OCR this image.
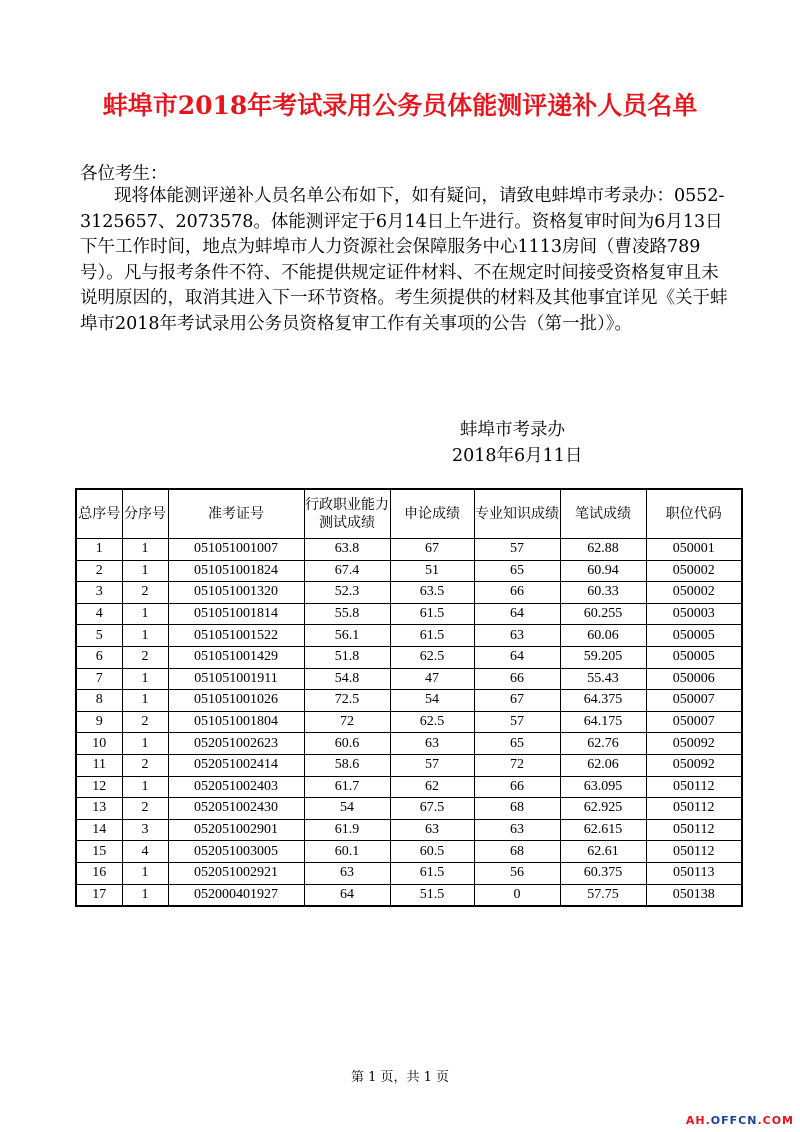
蚌埠市2018年考试录用公务员体能测评递补人员名单
各位考生：
现将体能测评递补人员名单公布如下，如有疑问，请致电蚌埠市考录办：0552-3125657、2073578。体能测评定于6月14日上午进行。资格复审时间为6月13日下午工作时间，地点为蚌埠市人力资源社会保障服务中心1113房间（曹凌路789号）。凡与报考条件不符、不能提供规定证件材料、不在规定时间接受资格复审且未说明原因的，取消其进入下一环节资格。考生须提供的材料及其他事宜详见《关于蚌埠市2018年考试录用公务员资格复审工作有关事项的公告（第一批）》。
蚌埠市考录办
2018年6月11日
总序号	分序号	准考证号	行政职业能力测试成绩	申论成绩	专业知识成绩	笔试成绩	职位代码
1	1	051051001007	63.8	67	57	62.88	050001
2	1	051051001824	67.4	51	65	60.94	050002
3	2	051051001320	52.3	63.5	66	60.33	050002
4	1	051051001814	55.8	61.5	64	60.255	050003
5	1	051051001522	56.1	61.5	63	60.06	050005
6	2	051051001429	51.8	62.5	64	59.205	050005
7	1	051051001911	54.8	47	66	55.43	050006
8	1	051051001026	72.5	54	67	64.375	050007
9	2	051051001804	72	62.5	57	64.175	050007
10	1	052051002623	60.6	63	65	62.76	050092
11	2	052051002414	58.6	57	72	62.06	050092
12	1	052051002403	61.7	62	66	63.095	050112
13	2	052051002430	54	67.5	68	62.925	050112
14	3	052051002901	61.9	63	63	62.615	050112
15	4	052051003005	60.1	60.5	68	62.61	050112
16	1	052051002921	63	61.5	56	60.375	050113
17	1	052000401927	64	51.5	0	57.75	050138
第 1 页，共 1 页
AH.OFFCN.COM
